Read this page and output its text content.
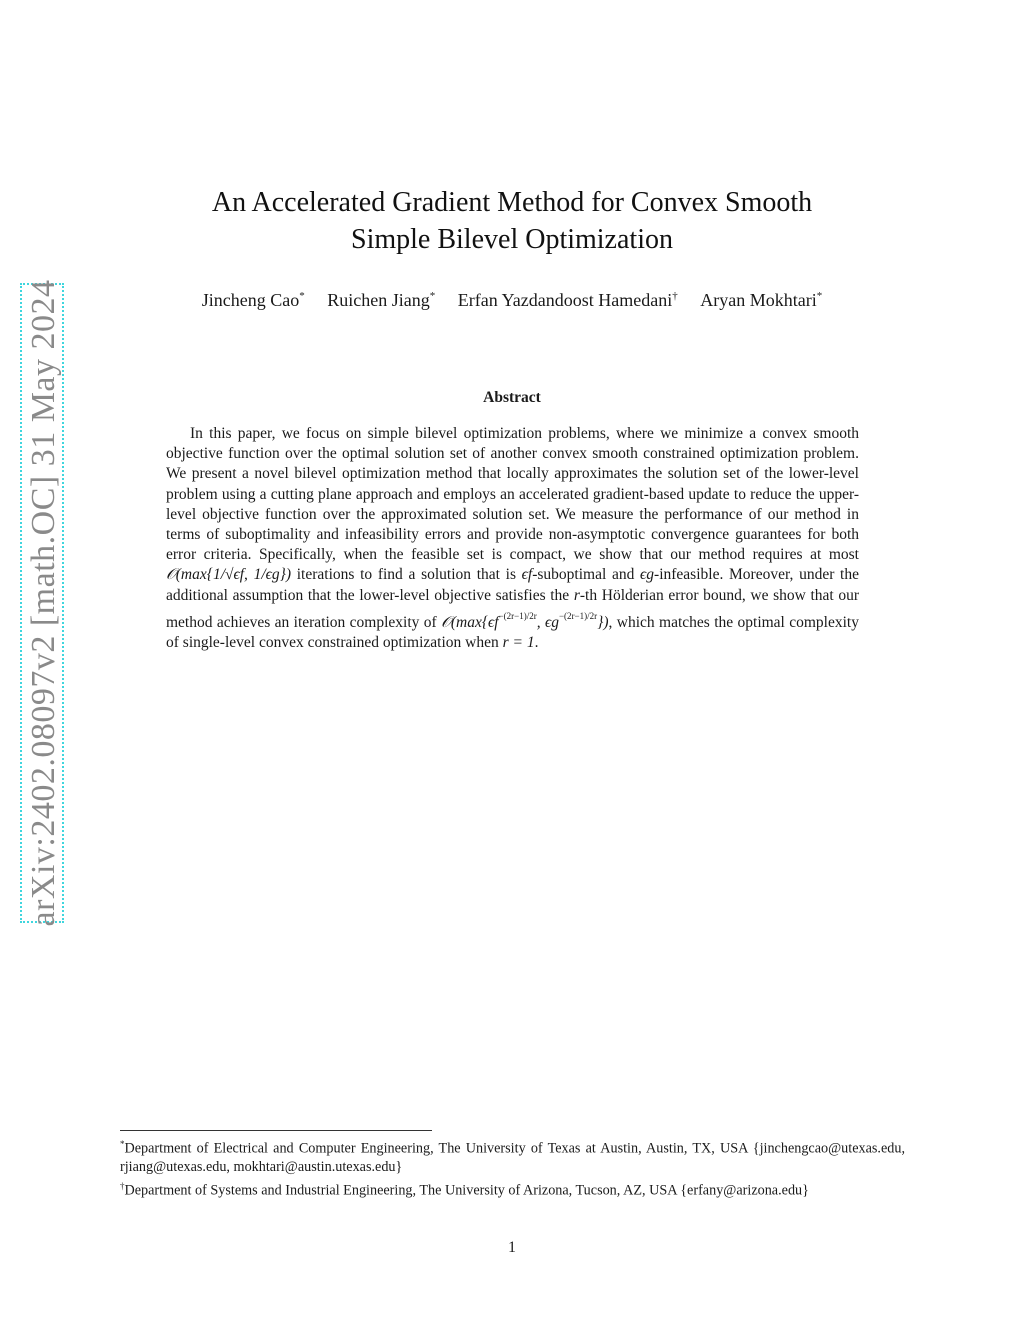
arXiv:2402.08097v2 [math.OC] 31 May 2024
An Accelerated Gradient Method for Convex Smooth
Simple Bilevel Optimization
Jincheng Cao* Ruichen Jiang* Erfan Yazdandoost Hamedani† Aryan Mokhtari*
Abstract

In this paper, we focus on simple bilevel optimization problems, where we minimize a convex smooth objective function over the optimal solution set of another convex smooth constrained optimization problem. We present a novel bilevel optimization method that locally approximates the solution set of the lower-level problem using a cutting plane approach and employs an accelerated gradient-based update to reduce the upper-level objective function over the approximated solution set. We measure the performance of our method in terms of suboptimality and infeasibility errors and provide non-asymptotic convergence guarantees for both error criteria. Specifically, when the feasible set is compact, we show that our method requires at most 𝒪(max{1/√ϵf, 1/ϵg}) iterations to find a solution that is ϵf-suboptimal and ϵg-infeasible. Moreover, under the additional assumption that the lower-level objective satisfies the r-th Hölderian error bound, we show that our method achieves an iteration complexity of $𝒪(\max\{\epsilon f^{-(2r-1)/2r}$, $\epsilon g^{-(2r-1)/2r}$}), which matches the optimal complexity of single-level convex constrained optimization when r = 1.

*Department of Electrical and Computer Engineering, The University of Texas at Austin, Austin, TX, USA {jinchengcao@utexas.edu, rjiang@utexas.edu, mokhtari@austin.utexas.edu}
†Department of Systems and Industrial Engineering, The University of Arizona, Tucson, AZ, USA {erfany@arizona.edu}
1
